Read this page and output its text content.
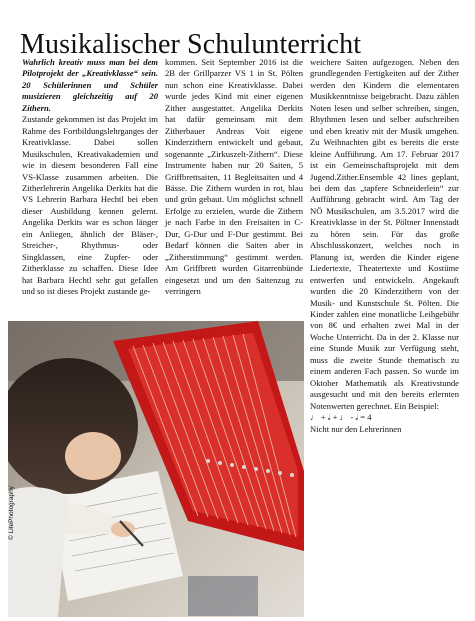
Musikalischer Schulunterricht

Wahrlich kreativ muss man bei dem Pilotprojekt der „Kreativklasse“ sein. 20 Schülerinnen und Schüler musizieren gleichzeitig auf 20 Zithern.

Zustande gekommen ist das Projekt im Rahme des Fortbildungslehrganges der Kreativklasse. Dabei sollen Musikschulen, Kreativakademien und wie in diesem besonderen Fall eine VS-Klasse zusammen arbeiten. Die Zitherlehrerin Angelika Derkits hat die VS Lehrerin Barbara Hechtl bei eben dieser Ausbildung kennen gelernt. Angelika Derkits war es schon länger ein Anliegen, ähnlich der Bläser-, Streicher-, Rhythmus- oder Singklassen, eine Zupfer- oder Zitherklasse zu schaffen. Diese Idee hat Barbara Hechtl sehr gut gefallen und so ist dieses Projekt zustande ge-

kommen. Seit September 2016 ist die 2B der Grillparzer VS 1 in St. Pölten nun schon eine Kreativklasse. Dabei wurde jedes Kind mit einer eigenen Zither ausgestattet. Angelika Derkits hat dafür gemeinsam mit dem Zitherbauer Andreas Voit eigene Kinderzithern entwickelt und gebaut, sogenannte „Zirkuszelt-Zithern“. Diese Instrumente haben nur 20 Saiten, 5 Griffbrettsaiten, 11 Begleitsaiten und 4 Bässe. Die Zithern wurden in rot, blau und grün gebaut. Um möglichst schnell Erfolge zu erzielen, wurde die Zithern je nach Farbe in den Freisaiten in C-Dur, G-Dur und F-Dur gestimmt. Bei Bedarf können die Saiten aber in „Zitherstimmung“ gestimmt werden. Am Griffbrett wurden Gitarrenbünde eingesetzt und um den Saitenzug zu verringern

weichere Saiten aufgezogen. Neben den grundlegenden Fertigkeiten auf der Zither werden den Kindern die elementaren Musikkenntnisse beigebracht. Dazu zählen Noten lesen und selber schreiben, singen, Rhythmen lesen und selber aufschreiben und eben kreativ mit der Musik umgehen. Zu Weihnachten gibt es bereits die erste kleine Aufführung. Am 17. Februar 2017 ist ein Gemeinschaftsprojekt mit dem Jugend.Zither.Ensemble 42 lines geplant, bei dem das „tapfere Schneiderlein“ zur Aufführung gebracht wird. Am Tag der NÖ Musikschulen, am 3.5.2017 wird die Kreativklasse in der St. Pöltner Innenstadt zu hören sein. Für das große Abschlusskonzert, welches noch in Planung ist, werden die Kinder eigene Liedertexte, Theatertexte und Kostüme entwerfen und entwickeln. Angekauft wurden die 20 Kinderzithern von der Musik- und Kunstschule St. Pölten. Die Kinder zahlen eine monatliche Leihgebühr von 8€ und erhalten zwei Mal in der Woche Unterricht. Da in der 2. Klasse nur eine Stunde Musik zur Verfügung steht, muss die zweite Stunde thematisch zu einem anderen Fach passen. So wurde im Oktober Mathematik als Kreativstunde ausgesucht und mit den bereits erlernten Notenwerten gerechnet. Ein Beispiel:

♩ + 𝅗𝅥 + ♩ - 𝅗𝅥 = 4

Nicht nur den Lehrerinnen

© LitePhotography
